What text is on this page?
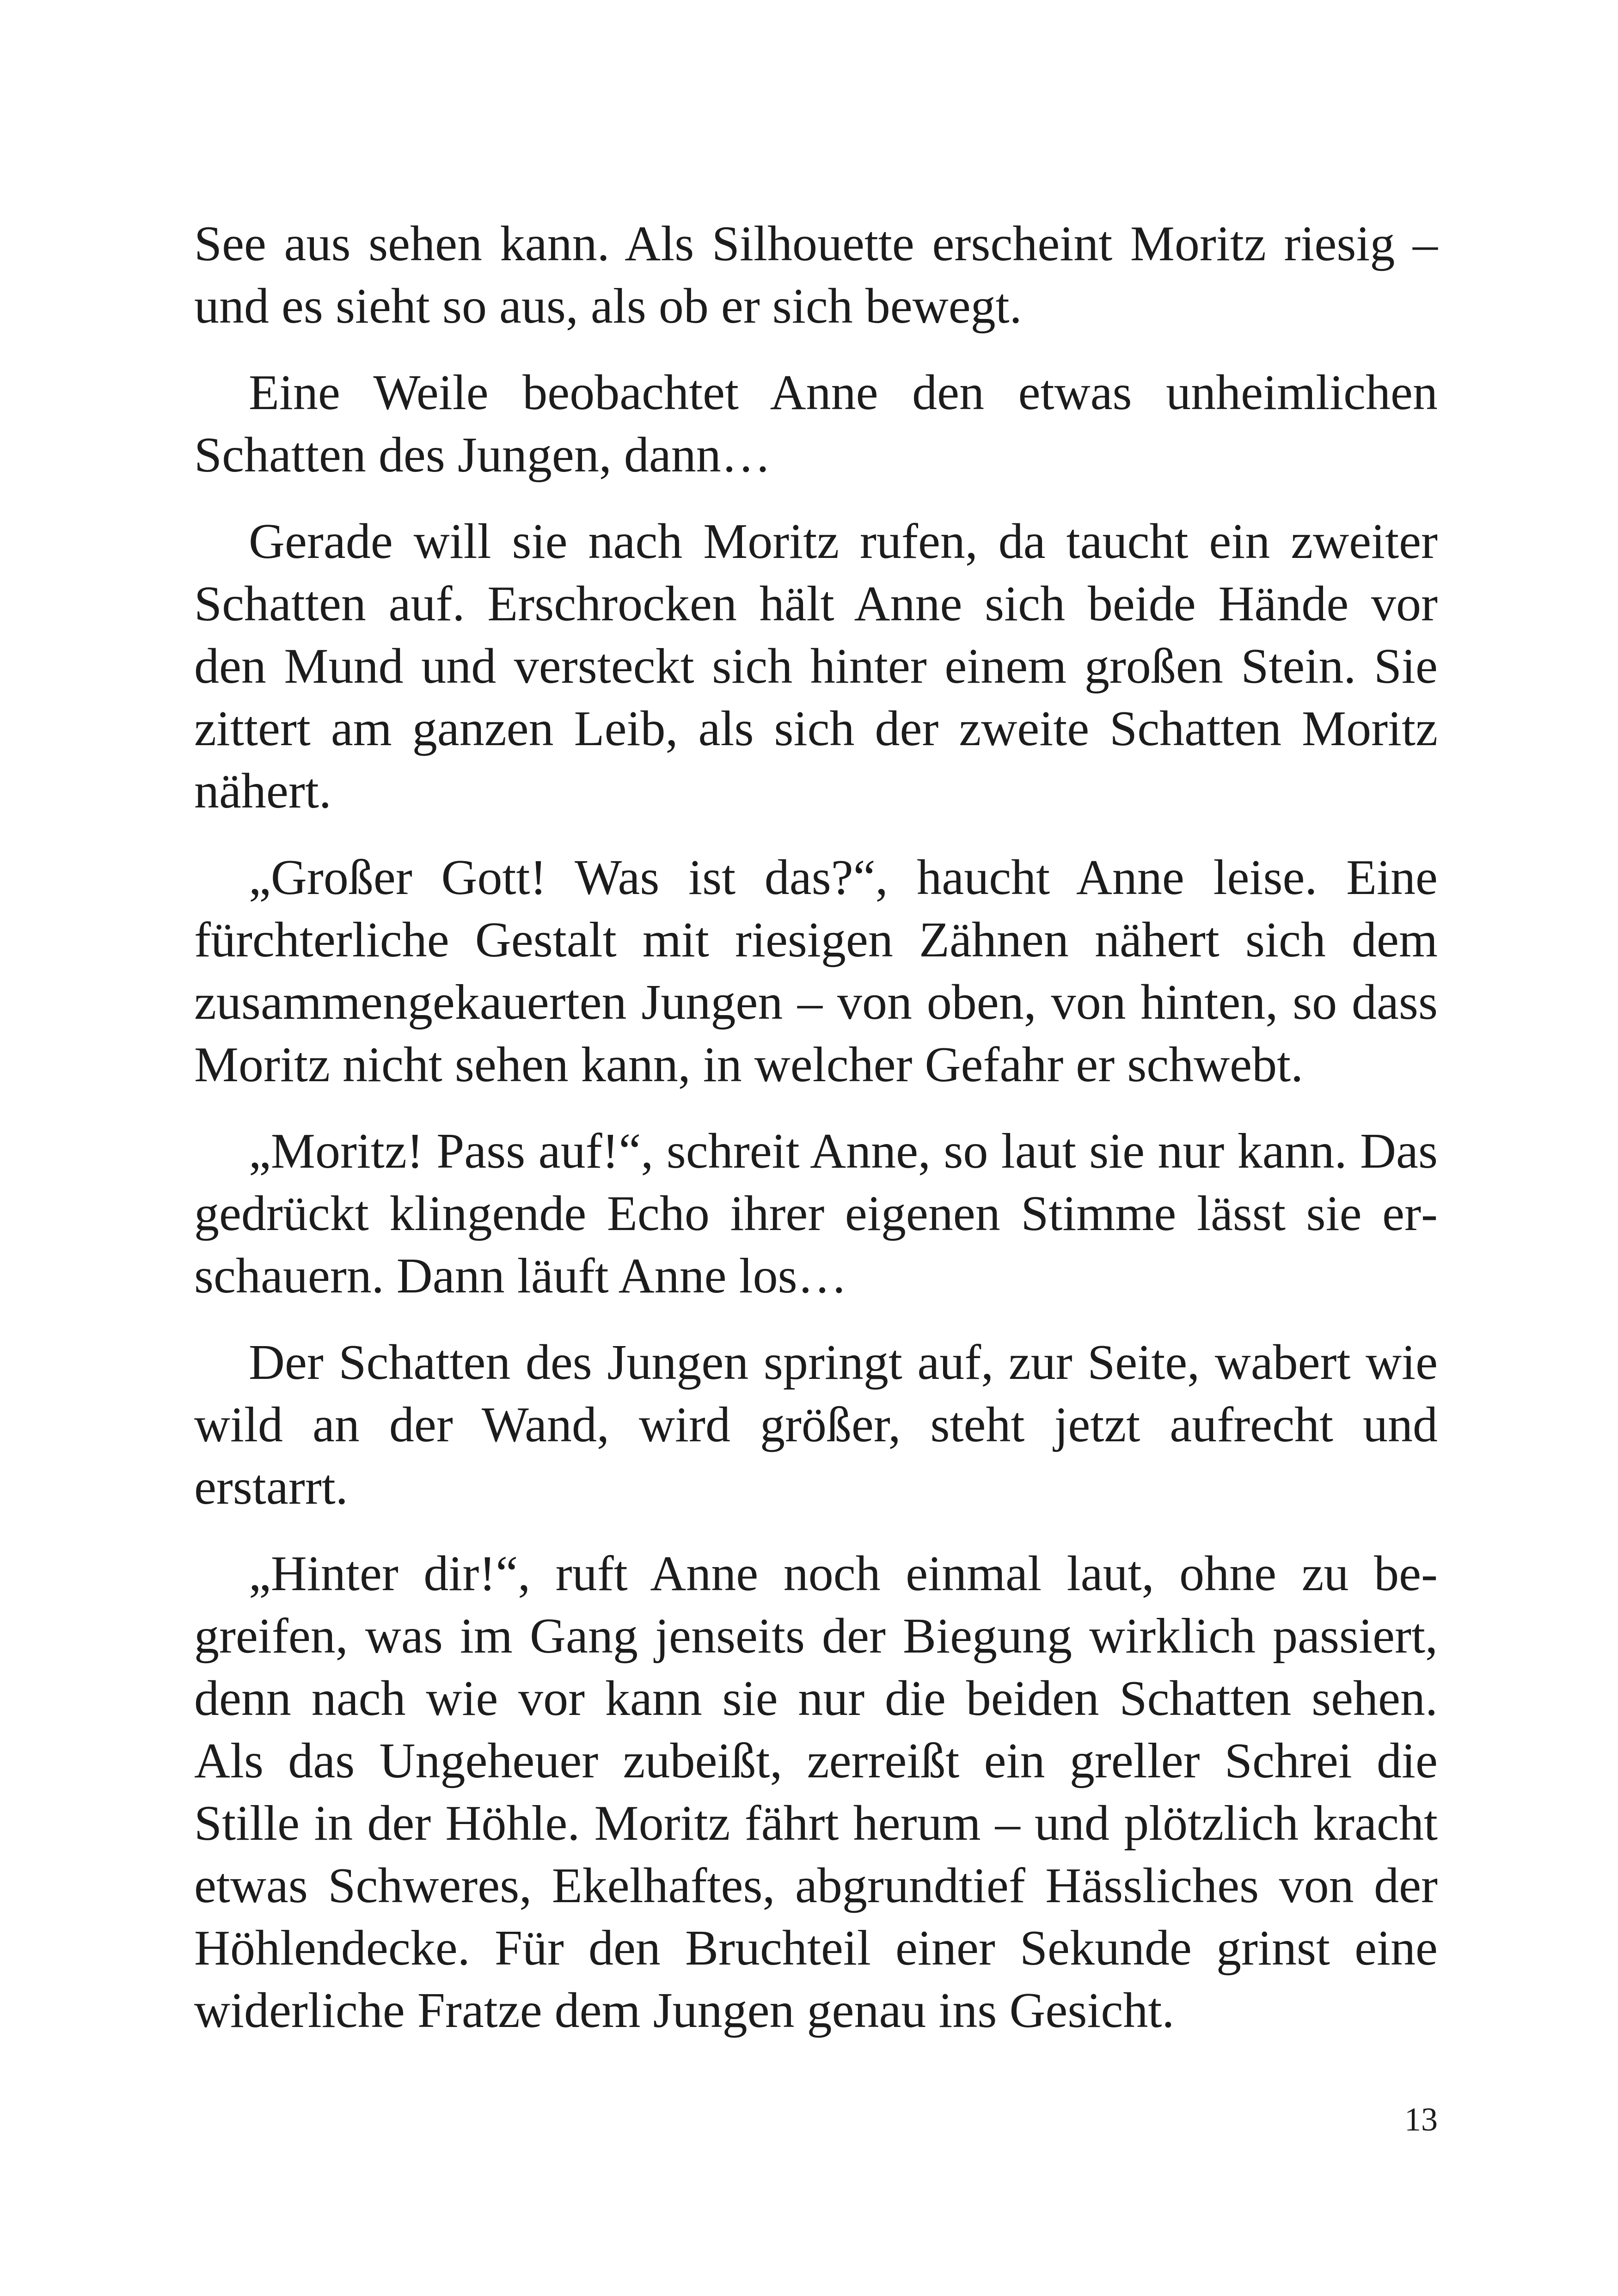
See aus sehen kann. Als Silhouette erscheint Moritz riesig – und es sieht so aus, als ob er sich bewegt.

Eine Weile beobachtet Anne den etwas unheimlichen Schatten des Jungen, dann…

Gerade will sie nach Moritz rufen, da taucht ein zweiter Schatten auf. Erschrocken hält Anne sich beide Hände vor den Mund und versteckt sich hinter einem großen Stein. Sie zittert am ganzen Leib, als sich der zweite Schatten Moritz nähert.

„Großer Gott! Was ist das?“, haucht Anne leise. Eine fürchterliche Gestalt mit riesigen Zähnen nähert sich dem zusammengekauerten Jungen – von oben, von hinten, so dass Moritz nicht sehen kann, in welcher Gefahr er schwebt.

„Moritz! Pass auf!“, schreit Anne, so laut sie nur kann. Das gedrückt klingende Echo ihrer eigenen Stimme lässt sie erschauern. Dann läuft Anne los…

Der Schatten des Jungen springt auf, zur Seite, wabert wie wild an der Wand, wird größer, steht jetzt aufrecht und erstarrt.

„Hinter dir!“, ruft Anne noch einmal laut, ohne zu begreifen, was im Gang jenseits der Biegung wirklich passiert, denn nach wie vor kann sie nur die beiden Schatten sehen. Als das Ungeheuer zubeißt, zerreißt ein greller Schrei die Stille in der Höhle. Moritz fährt herum – und plötzlich kracht etwas Schweres, Ekelhaftes, abgrundtief Hässliches von der Höhlendecke. Für den Bruchteil einer Sekunde grinst eine widerliche Fratze dem Jungen genau ins Gesicht.

13
